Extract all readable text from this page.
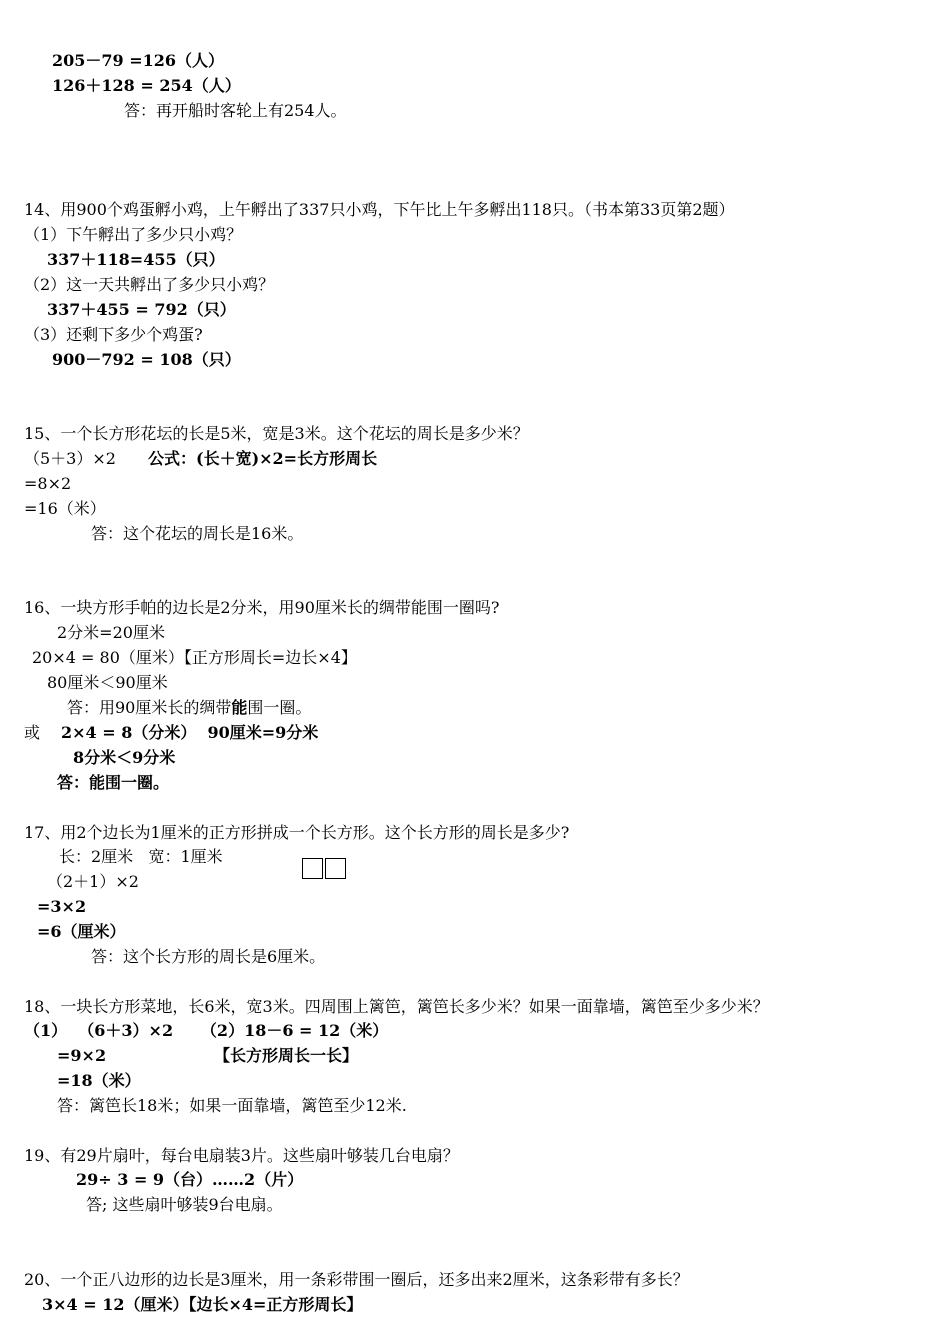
205－79 =126（人）
126＋128 = 254（人）
答：再开船时客轮上有254人。
14、用900个鸡蛋孵小鸡，上午孵出了337只小鸡，下午比上午多孵出118只。（书本第33页第2题）
（1）下午孵出了多少只小鸡？
337＋118=455（只）
（2）这一天共孵出了多少只小鸡？
337＋455 = 792（只）
（3）还剩下多少个鸡蛋?
900－792 = 108（只）
15、一个长方形花坛的长是5米，宽是3米。这个花坛的周长是多少米？
（5＋3）×2 公式：(长＋宽)×2=长方形周长
=8×2
=16（米）
答：这个花坛的周长是16米。
16、一块方形手帕的边长是2分米，用90厘米长的绸带能围一圈吗?
2分米=20厘米
20×4 = 80（厘米）【正方形周长=边长×4】
80厘米＜90厘米
答：用90厘米长的绸带能围一圈。
或 2×4 = 8（分米）  90厘米=9分米
8分米＜9分米
答：能围一圈。
17、用2个边长为1厘米的正方形拼成一个长方形。这个长方形的周长是多少?
长：2厘米   宽：1厘米
（2＋1）×2
=3×2
=6（厘米）
答：这个长方形的周长是6厘米。
18、一块长方形菜地，长6米，宽3米。四周围上篱笆，篱笆长多少米？如果一面靠墙，篱笆至少多少米？
（1）  （6＋3）×2     （2）18－6 = 12（米）
=9×2	【长方形周长一长】
=18（米）
答：篱笆长18米；如果一面靠墙，篱笆至少12米.
19、有29片扇叶，每台电扇装3片。这些扇叶够装几台电扇？
29÷ 3 = 9（台）……2（片）
答; 这些扇叶够装9台电扇。
20、一个正八边形的边长是3厘米，用一条彩带围一圈后，还多出来2厘米，这条彩带有多长？
3×4 = 12（厘米）【边长×4=正方形周长】
